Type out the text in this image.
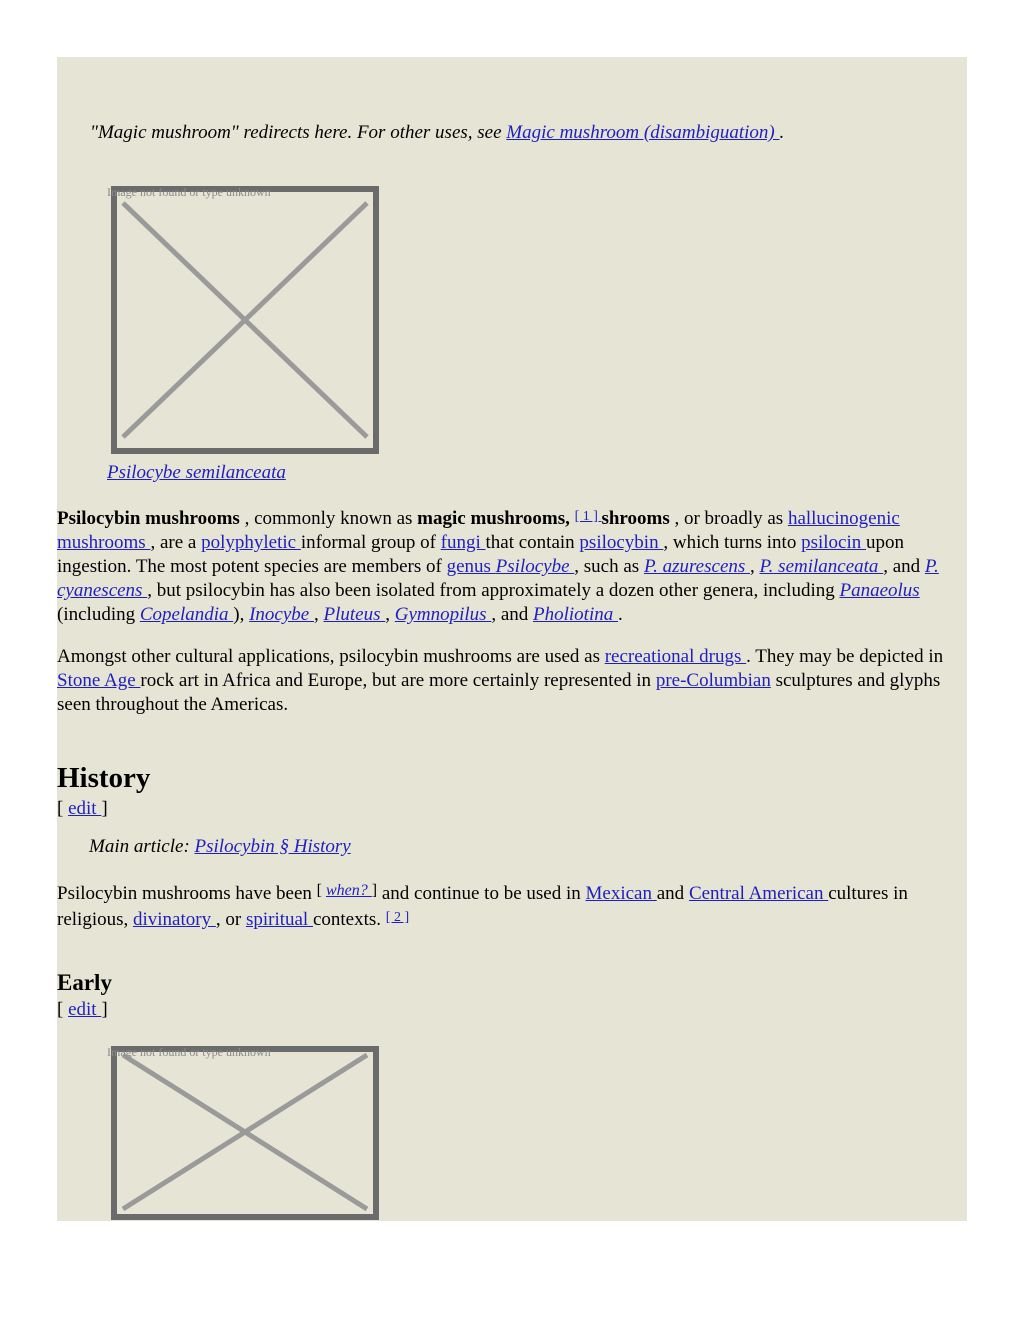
"Magic mushroom" redirects here. For other uses, see Magic mushroom (disambiguation) .
Image not found or type unknown
Psilocybe semilanceata

Psilocybin mushrooms , commonly known as magic mushrooms, [ 1 ] shrooms , or broadly as hallucinogenic mushrooms , are a polyphyletic informal group of fungi that contain psilocybin , which turns into psilocin upon ingestion. The most potent species are members of genus Psilocybe , such as P. azurescens , P. semilanceata , and P. cyanescens , but psilocybin has also been isolated from approximately a dozen other genera, including Panaeolus (including Copelandia ), Inocybe , Pluteus , Gymnopilus , and Pholiotina .

Amongst other cultural applications, psilocybin mushrooms are used as recreational drugs . They may be depicted in Stone Age rock art in Africa and Europe, but are more certainly represented in pre-Columbian sculptures and glyphs seen throughout the Americas.

History
[ edit ]
Main article: Psilocybin § History

Psilocybin mushrooms have been [ $^{when?}$ ] and continue to be used in Mexican and Central American cultures in religious, divinatory , or spiritual contexts. [ 2 ]

Early
[ edit ]
Image not found or type unknown
